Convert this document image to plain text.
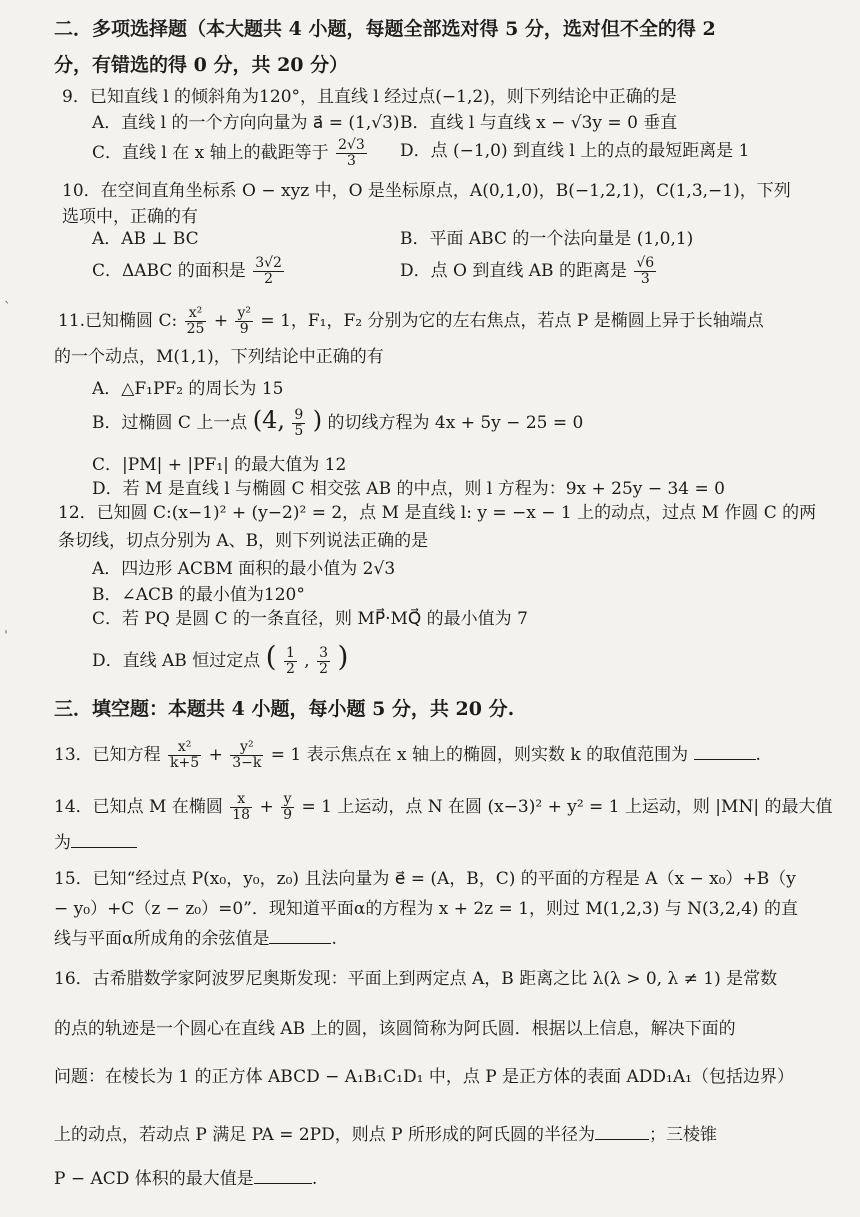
二．多项选择题（本大题共 4 小题，每题全部选对得 5 分，选对但不全的得 2
分，有错选的得 0 分，共 20 分）
9．已知直线 l 的倾斜角为120°，且直线 l 经过点(−1,2)，则下列结论中正确的是
A．直线 l 的一个方向向量为 a⃗ = (1,√3) B．直线 l 与直线 x − √3y = 0 垂直
C．直线 l 在 x 轴上的截距等于 $\frac{2√3}{3}$ D．点 (−1,0) 到直线 l 上的点的最短距离是 1
10．在空间直角坐标系 O − xyz 中，O 是坐标原点，A(0,1,0)，B(−1,2,1)，C(1,3,−1)，下列
选项中，正确的有
A．AB ⊥ BC	B．平面 ABC 的一个法向量是 (1,0,1)
C．ΔABC 的面积是 $\frac{3√2}{2}$	D．点 O 到直线 AB 的距离是 $\frac{√6}{3}$
11.已知椭圆 C: $\frac{\text{x²}}{25} + \frac{\text{y²}}{9} = 1$，F₁，F₂ 分别为它的左右焦点，若点 P 是椭圆上异于长轴端点
的一个动点，M(1,1)，下列结论中正确的有
A．△F₁PF₂ 的周长为 15
B．过椭圆 C 上一点 (4, $\frac{9}{5}$ ) 的切线方程为 4x + 5y − 25 = 0
C．|PM| + |PF₁| 的最大值为 12
D．若 M 是直线 l 与椭圆 C 相交弦 AB 的中点，则 l 方程为：9x + 25y − 34 = 0
12．已知圆 C:(x−1)² + (y−2)² = 2，点 M 是直线 l: y = −x − 1 上的动点，过点 M 作圆 C 的两
条切线，切点分别为 A、B，则下列说法正确的是
A．四边形 ACBM 面积的最小值为 2√3
B．∠ACB 的最小值为120°
C．若 PQ 是圆 C 的一条直径，则 MP⃗·MQ⃗ 的最小值为 7
D．直线 AB 恒过定点 ( $\frac{1}{2}$ , $\frac{3}{2}$ )
三．填空题：本题共 4 小题，每小题 5 分，共 20 分.
13．已知方程 $\frac{\text{x²}}{k+5} + \frac{\text{y²}}{3-k} = 1$ 表示焦点在 x 轴上的椭圆，则实数 k 的取值范围为	.
14．已知点 M 在椭圆 $\frac{x}{18} + \frac{y}{9} = 1$ 上运动，点 N 在圆 (x−3)² + y² = 1 上运动，则 |MN| 的最大值
为
15．已知“经过点 P(x₀，y₀，z₀) 且法向量为 e⃗ = (A，B，C) 的平面的方程是 A（x − x₀）+B（y
− y₀）+C（z − z₀）=0”．现知道平面α的方程为 x + 2z = 1，则过 M(1,2,3) 与 N(3,2,4) 的直
线与平面α所成角的余弦值是	.
16．古希腊数学家阿波罗尼奥斯发现：平面上到两定点 A，B 距离之比 λ(λ > 0, λ ≠ 1) 是常数
的点的轨迹是一个圆心在直线 AB 上的圆，该圆简称为阿氏圆．根据以上信息，解决下面的
问题：在棱长为 1 的正方体 ABCD − A₁B₁C₁D₁ 中，点 P 是正方体的表面 ADD₁A₁（包括边界）
上的动点，若动点 P 满足 PA = 2PD，则点 P 所形成的阿氏圆的半径为	；三棱锥
P − ACD 体积的最大值是	.
ˋ
ˌ
